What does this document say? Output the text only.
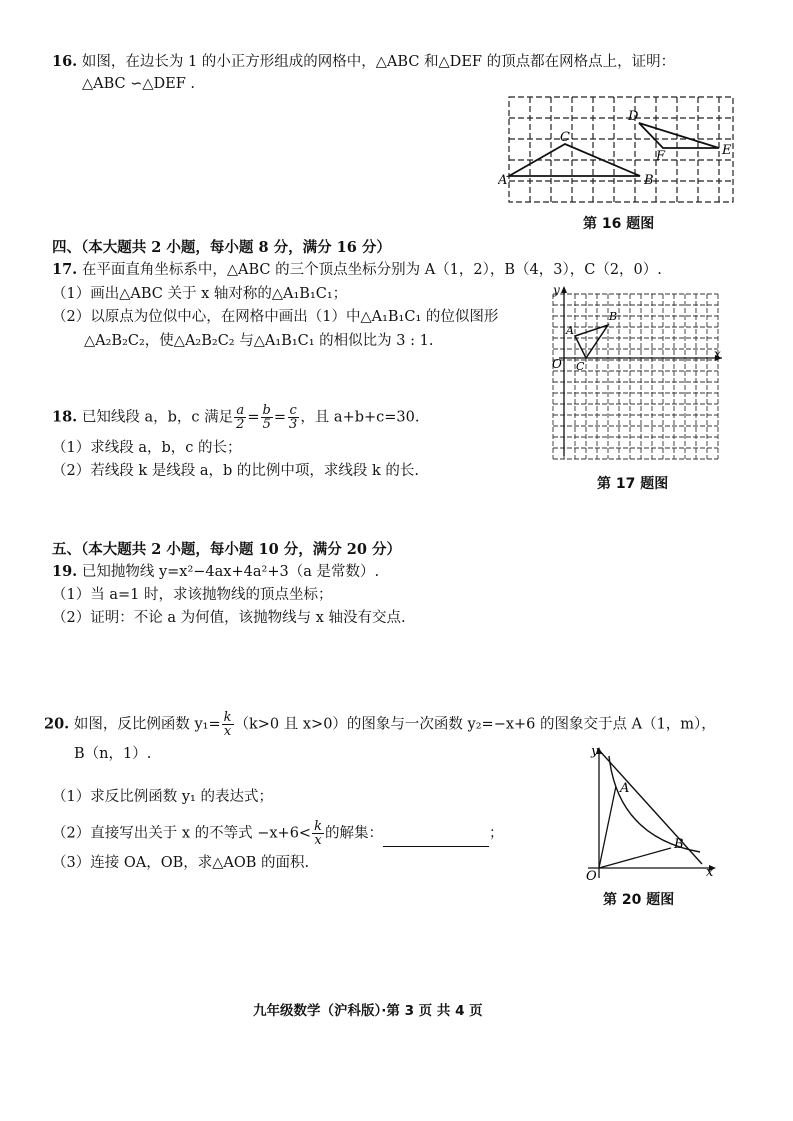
16. 如图，在边长为 1 的小正方形组成的网格中，△ABC 和△DEF 的顶点都在网格点上，证明：
△ABC ∽△DEF .
A	B
C
D
E
F
第 16 题图
四、（本大题共 2 小题，每小题 8 分，满分 16 分）
17. 在平面直角坐标系中，△ABC 的三个顶点坐标分别为 A（1，2），B（4，3），C（2，0）.
（1）画出△ABC 关于 x 轴对称的△A₁B₁C₁；
（2）以原点为位似中心，在网格中画出（1）中△A₁B₁C₁ 的位似图形
△A₂B₂C₂，使△A₂B₂C₂ 与△A₁B₁C₁ 的相似比为 3 : 1.
x
y
O
A
B
C
第 17 题图
18. 已知线段 a，b，c 满足 $\frac{a}{2} = \frac{b}{5} = \frac{c}{3}$ ，且 a+b+c=30.
（1）求线段 a，b，c 的长；
（2）若线段 k 是线段 a，b 的比例中项，求线段 k 的长.
五、（本大题共 2 小题，每小题 10 分，满分 20 分）
19. 已知抛物线 y=x²−4ax+4a²+3（a 是常数）.
（1）当 a=1 时，求该抛物线的顶点坐标；
（2）证明：不论 a 为何值，该抛物线与 x 轴没有交点.
20. 如图，反比例函数 $y_1= \frac{k}{x} (k>0$ 且 x>0）的图象与一次函数 y₂=−x+6 的图象交于点 A（1，m），
B（n，1）.
（1）求反比例函数 y₁ 的表达式；
（2）直接写出关于 x 的不等式 $-x+6< \frac{k}{x}$ 的解集：	；
（3）连接 OA，OB，求△AOB 的面积.
x
y
O
A
B
第 20 题图
九年级数学（沪科版）·第 3 页 共 4 页
